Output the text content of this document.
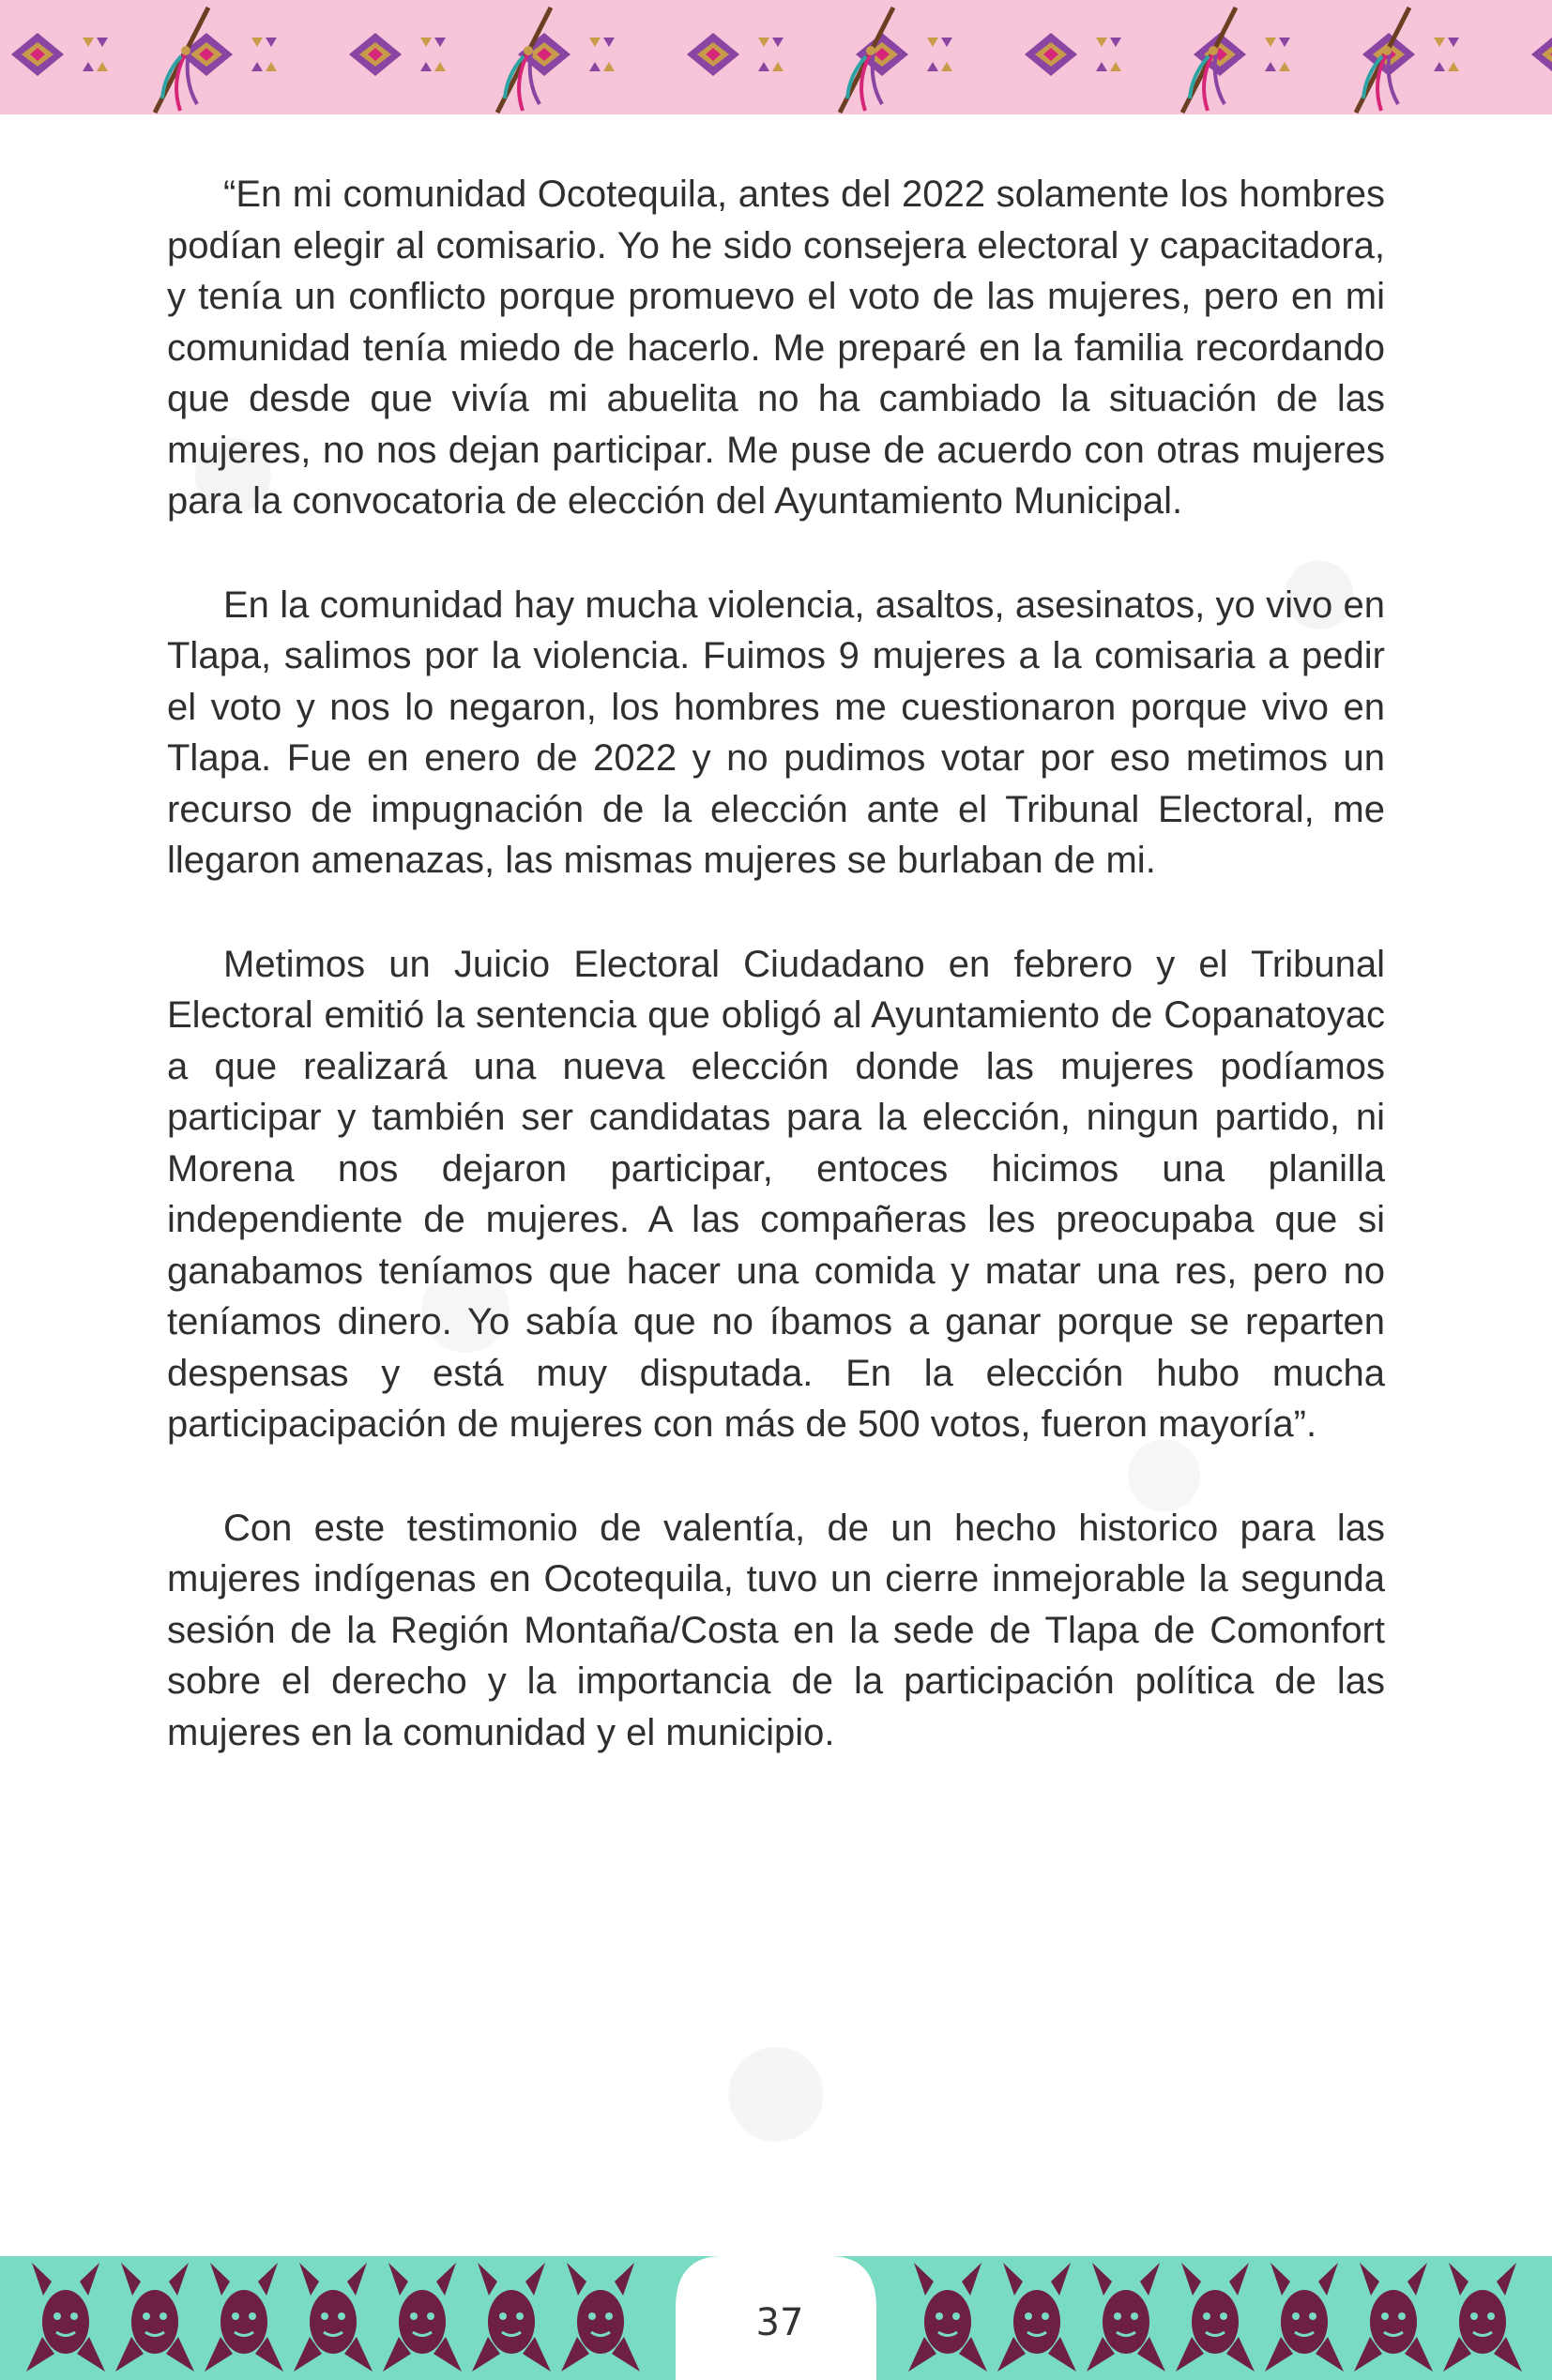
“En mi comunidad Ocotequila, antes del 2022 solamente los hombres podían elegir al comisario. Yo he sido consejera electoral y capacitadora, y tenía un conflicto porque promuevo el voto de las mujeres, pero en mi comunidad tenía miedo de hacerlo. Me preparé en la familia recordando que desde que vivía mi abuelita no ha cambiado la situación de las mujeres, no nos dejan participar. Me puse de acuerdo con otras mujeres para la convocatoria de elección del Ayuntamiento Municipal.

En la comunidad hay mucha violencia, asaltos, asesinatos, yo vivo en Tlapa, salimos por la violencia. Fuimos 9 mujeres a la comisaria a pedir el voto y nos lo negaron, los hombres me cuestionaron porque vivo en Tlapa. Fue en enero de 2022 y no pudimos votar por eso metimos un recurso de impugnación de la elección ante el Tribunal Electoral, me llegaron amenazas, las mismas mujeres se burlaban de mi.

Metimos un Juicio Electoral Ciudadano en febrero y el Tribunal Electoral emitió la sentencia que obligó al Ayuntamiento de Copanatoyac a que realizará una nueva elección donde las mujeres podíamos participar y también ser candidatas para la elección, ningun partido, ni Morena nos dejaron participar, entoces hicimos una planilla independiente de mujeres. A las compañeras les preocupaba que si ganabamos teníamos que hacer una comida y matar una res, pero no teníamos dinero. Yo sabía que no íbamos a ganar porque se reparten despensas y está muy disputada. En la elección hubo mucha participacipación de mujeres con más de 500 votos, fueron mayoría”.

Con este testimonio de valentía, de un hecho historico para las mujeres indígenas en Ocotequila, tuvo un cierre inmejorable la segunda sesión de la Región Montaña/Costa en la sede de Tlapa de Comonfort sobre el derecho y la importancia de la participación política de las mujeres en la comunidad y el municipio.

37
